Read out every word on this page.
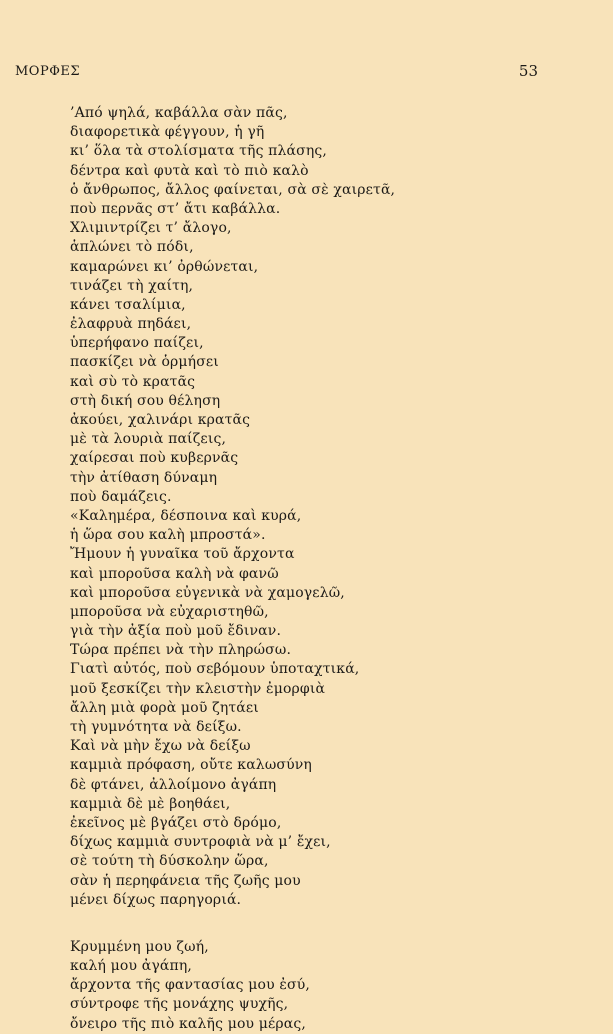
ΜΟΡΦΕΣ	53
’Από ψηλά, καβάλλα σὰν πᾶς,
διαφορετικὰ φέγγουν, ἡ γῆ
κι’ ὅλα τὰ στολίσματα τῆς πλάσης,
δέντρα καὶ φυτὰ καὶ τὸ πιὸ καλὸ
ὁ ἄνθρωπος, ἄλλος φαίνεται, σὰ σὲ χαιρετᾶ,
ποὺ περνᾶς στ’ ἄτι καβάλλα.
Χλιμιντρίζει τ’ ἄλογο,
ἁπλώνει τὸ πόδι,
καμαρώνει κι’ ὀρθώνεται,
τινάζει τὴ χαίτη,
κάνει τσαλίμια,
ἐλαφρυὰ πηδάει,
ὑπερήφανο παίζει,
πασκίζει νὰ ὁρμήσει
καὶ σὺ τὸ κρατᾶς
στὴ δική σου θέληση
ἀκούει, χαλινάρι κρατᾶς
μὲ τὰ λουριὰ παίζεις,
χαίρεσαι ποὺ κυβερνᾶς
τὴν ἀτίθαση δύναμη
ποὺ δαμάζεις.
«Καλημέρα, δέσποινα καὶ κυρά,
ἡ ὥρα σου καλὴ μπροστά».
Ἤμουν ἡ γυναῖκα τοῦ ἄρχοντα
καὶ μποροῦσα καλὴ νὰ φανῶ
καὶ μποροῦσα εὐγενικὰ νὰ χαμογελῶ,
μποροῦσα νὰ εὐχαριστηθῶ,
γιὰ τὴν ἀξία ποὺ μοῦ ἔδιναν.
Τώρα πρέπει νὰ τὴν πληρώσω.
Γιατὶ αὐτός, ποὺ σεβόμουν ὑποταχτικά,
μοῦ ξεσκίζει τὴν κλειστὴν ἐμορφιὰ
ἄλλη μιὰ φορὰ μοῦ ζητάει
τὴ γυμνότητα νὰ δείξω.
Καὶ νὰ μὴν ἔχω νὰ δείξω
καμμιὰ πρόφαση, οὔτε καλωσύνη
δὲ φτάνει, ἀλλοίμονο ἀγάπη
καμμιὰ δὲ μὲ βοηθάει,
ἐκεῖνος μὲ βγάζει στὸ δρόμο,
δίχως καμμιὰ συντροφιὰ νὰ μ’ ἔχει,
σὲ τούτη τὴ δύσκολην ὥρα,
σὰν ἡ περηφάνεια τῆς ζωῆς μου
μένει δίχως παρηγοριά.
Κρυμμένη μου ζωή,
καλή μου ἀγάπη,
ἄρχοντα τῆς φαντασίας μου ἐσύ,
σύντροφε τῆς μονάχης ψυχῆς,
ὄνειρο τῆς πιὸ καλῆς μου μέρας,
